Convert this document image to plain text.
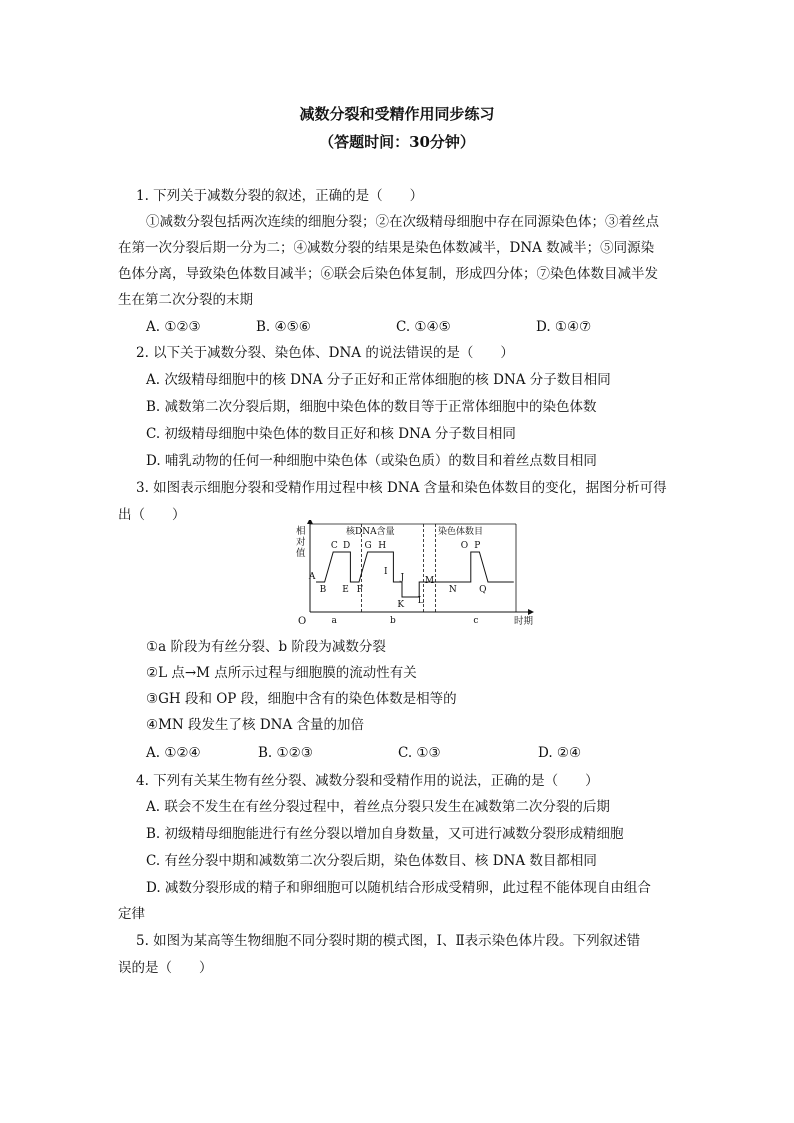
减数分裂和受精作用同步练习
（答题时间：30分钟）
1. 下列关于减数分裂的叙述，正确的是（　　）
①减数分裂包括两次连续的细胞分裂；②在次级精母细胞中存在同源染色体；③着丝点
在第一次分裂后期一分为二；④减数分裂的结果是染色体数减半，DNA 数减半；⑤同源染
色体分离，导致染色体数目减半；⑥联会后染色体复制，形成四分体；⑦染色体数目减半发
生在第二次分裂的末期
A. ①②③	B. ④⑤⑥	C. ①④⑤	D. ①④⑦
2. 以下关于减数分裂、染色体、DNA 的说法错误的是（　　）
A. 次级精母细胞中的核 DNA 分子正好和正常体细胞的核 DNA 分子数目相同
B. 减数第二次分裂后期，细胞中染色体的数目等于正常体细胞中的染色体数
C. 初级精母细胞中染色体的数目正好和核 DNA 分子数目相同
D. 哺乳动物的任何一种细胞中染色体（或染色质）的数目和着丝点数目相同
3. 如图表示细胞分裂和受精作用过程中核 DNA 含量和染色体数目的变化，据图分析可得
出（　　）
相
对
值
时期
O
核DNA含量	染色体数目
a	b	c
A
B
C D
E F
G H
I
J
K L
M
N
O P
Q
①a 阶段为有丝分裂、b 阶段为减数分裂
②L 点→M 点所示过程与细胞膜的流动性有关
③GH 段和 OP 段，细胞中含有的染色体数是相等的
④MN 段发生了核 DNA 含量的加倍
A. ①②④	B. ①②③	C. ①③	D. ②④
4. 下列有关某生物有丝分裂、减数分裂和受精作用的说法，正确的是（　　）
A. 联会不发生在有丝分裂过程中，着丝点分裂只发生在减数第二次分裂的后期
B. 初级精母细胞能进行有丝分裂以增加自身数量，又可进行减数分裂形成精细胞
C. 有丝分裂中期和减数第二次分裂后期，染色体数目、核 DNA 数目都相同
D. 减数分裂形成的精子和卵细胞可以随机结合形成受精卵，此过程不能体现自由组合
定律
5. 如图为某高等生物细胞不同分裂时期的模式图，Ⅰ、Ⅱ表示染色体片段。下列叙述错
误的是（　　）
